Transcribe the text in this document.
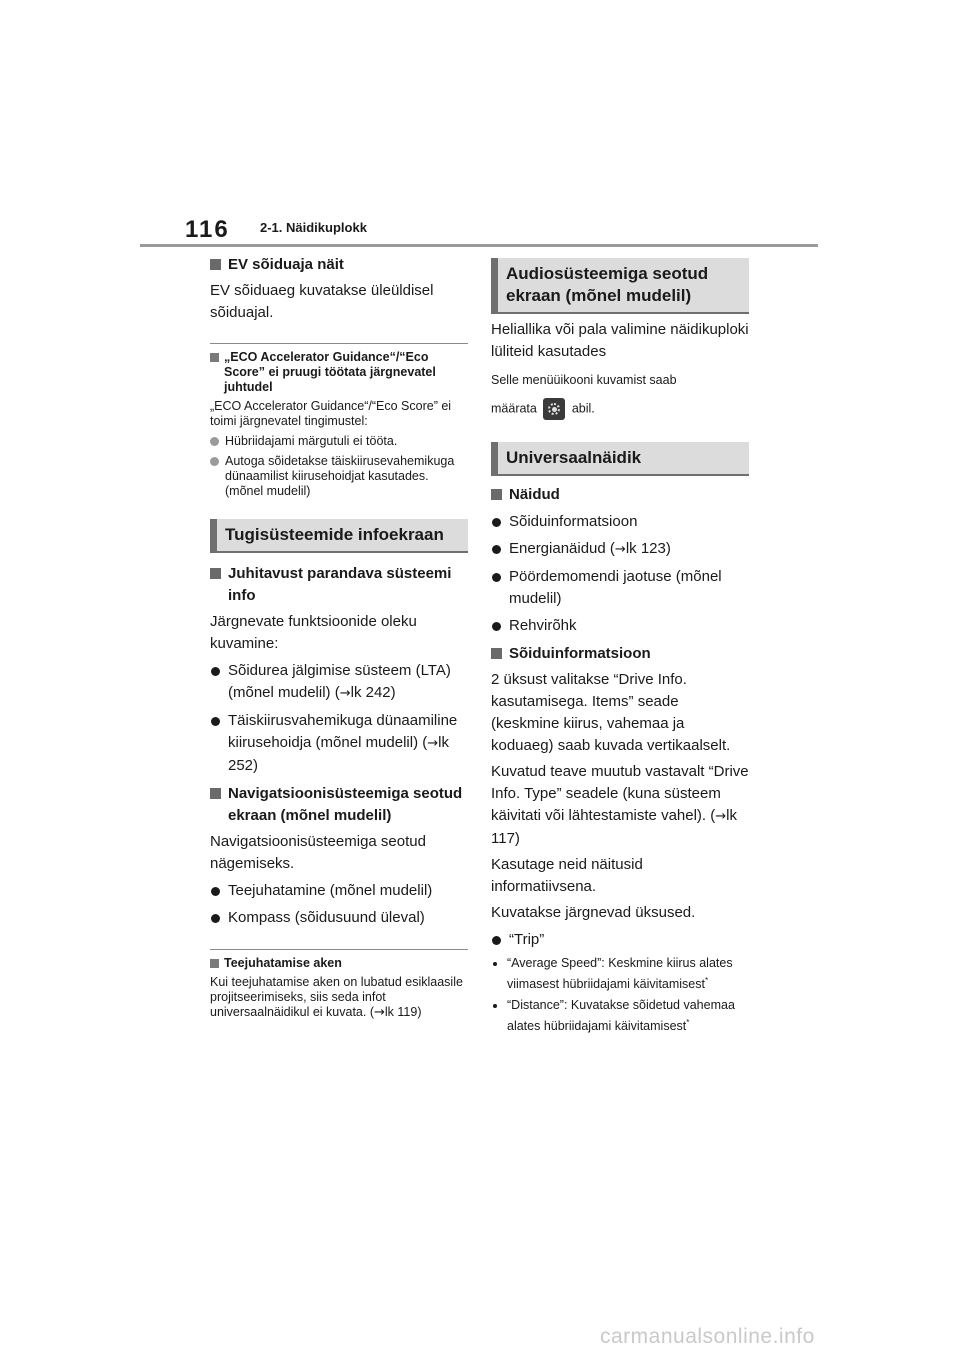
116 2-1. Näidikuplokk
EV sõiduaja näit

EV sõiduaeg kuvatakse üleüldisel sõiduajal.

„ECO Accelerator Guidance“/“Eco Score” ei pruugi töötata järgnevatel juhtudel

„ECO Accelerator Guidance“/“Eco Score” ei toimi järgnevatel tingimustel:

Hübriidajami märgutuli ei tööta.
Autoga sõidetakse täiskiirusevahemikuga dünaamilist kiirusehoidjat kasutades. (mõnel mudelil)
Tugisüsteemide infoekraan
Juhitavust parandava süsteemi info

Järgnevate funktsioonide oleku kuvamine:

Sõidurea jälgimise süsteem (LTA) (mõnel mudelil) (→lk 242)
Täiskiirusvahemikuga dünaamiline kiirusehoidja (mõnel mudelil) (→lk 252)
Navigatsioonisüsteemiga seotud ekraan (mõnel mudelil)

Navigatsioonisüsteemiga seotud nägemiseks.

Teejuhatamine (mõnel mudelil)
Kompass (sõidusuund üleval)
Teejuhatamise aken

Kui teejuhatamise aken on lubatud esiklaasile projitseerimiseks, siis seda infot universaalnäidikul ei kuvata. (→lk 119)

Audiosüsteemiga seotud ekraan (mõnel mudelil)

Heliallika või pala valimine näidikuploki lüliteid kasutades

Selle menüüikooni kuvamist saab

määrata	abil.

Universaalnäidik
Näidud
Sõiduinformatsioon
Energianäidud (→lk 123)
Pöördemomendi jaotuse (mõnel mudelil)
Rehvirõhk
Sõiduinformatsioon

2 üksust valitakse “Drive Info. kasutamisega. Items” seade (keskmine kiirus, vahemaa ja koduaeg) saab kuvada vertikaalselt.

Kuvatud teave muutub vastavalt “Drive Info. Type” seadele (kuna süsteem käivitati või lähtestamiste vahel). (→lk 117)

Kasutage neid näitusid informatiivsena.

Kuvatakse järgnevad üksused.

“Trip”
“Average Speed”: Keskmine kiirus alates viimasest hübriidajami käivitamisest*
“Distance”: Kuvatakse sõidetud vahemaa alates hübriidajami käivitamisest*
carmanualsonline.info
